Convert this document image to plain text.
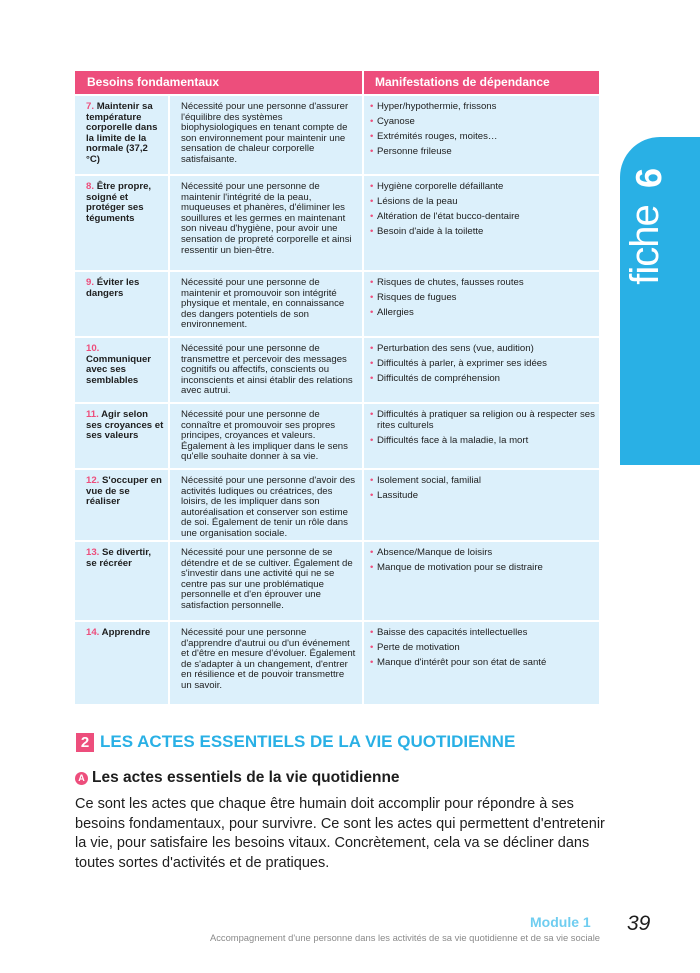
Besoins fondamentaux	Manifestations de dépendance
7. Maintenir sa température corporelle dans la limite de la normale (37,2 °C)
Nécessité pour une personne d'assurer l'équilibre des systèmes biophysiologiques en tenant compte de son environnement pour maintenir une sensation de chaleur corporelle satisfaisante.
• Hyper/hypothermie, frissons
• Cyanose
• Extrémités rouges, moites…
• Personne frileuse
8. Être propre, soigné et protéger ses téguments
Nécessité pour une personne de maintenir l'intégrité de la peau, muqueuses et phanères, d'éliminer les souillures et les germes en maintenant son niveau d'hygiène, pour avoir une sensation de propreté corporelle et ainsi ressentir un bien-être.
• Hygiène corporelle défaillante
• Lésions de la peau
• Altération de l'état bucco-dentaire
• Besoin d'aide à la toilette
9. Éviter les dangers
Nécessité pour une personne de maintenir et promouvoir son intégrité physique et mentale, en connaissance des dangers potentiels de son environnement.
• Risques de chutes, fausses routes
• Risques de fugues
• Allergies
10. Communiquer avec ses semblables
Nécessité pour une personne de transmettre et percevoir des messages cognitifs ou affectifs, conscients ou inconscients et ainsi établir des relations avec autrui.
• Perturbation des sens (vue, audition)
• Difficultés à parler, à exprimer ses idées
• Difficultés de compréhension
11. Agir selon ses croyances et ses valeurs
Nécessité pour une personne de connaître et promouvoir ses propres principes, croyances et valeurs. Également à les impliquer dans le sens qu'elle souhaite donner à sa vie.
• Difficultés à pratiquer sa religion ou à respecter ses rites culturels
• Difficultés face à la maladie, la mort
12. S'occuper en vue de se réaliser
Nécessité pour une personne d'avoir des activités ludiques ou créatrices, des loisirs, de les impliquer dans son autoréalisation et conserver son estime de soi. Également de tenir un rôle dans une organisation sociale.
• Isolement social, familial
• Lassitude
13. Se divertir, se récréer
Nécessité pour une personne de se détendre et de se cultiver. Également de s'investir dans une activité qui ne se centre pas sur une problématique personnelle et d'en éprouver une satisfaction personnelle.
• Absence/Manque de loisirs
• Manque de motivation pour se distraire
14. Apprendre	Nécessité pour une personne d'apprendre d'autrui ou d'un événement et d'être en mesure d'évoluer. Également de s'adapter à un changement, d'entrer en résilience et de pouvoir transmettre un savoir.
• Baisse des capacités intellectuelles
• Perte de motivation
• Manque d'intérêt pour son état de santé
9
fiche
2 LES ACTES ESSENTIELS DE LA VIE QUOTIDIENNE
A Les actes essentiels de la vie quotidienne
Ce sont les actes que chaque être humain doit accomplir pour répondre à ses besoins fondamentaux, pour survivre. Ce sont les actes qui permettent d'entretenir la vie, pour satisfaire les besoins vitaux. Concrètement, cela va se décliner dans toutes sortes d'activités et de pratiques.
Module 1 39
Accompagnement d'une personne dans les activités de sa vie quotidienne et de sa vie sociale
